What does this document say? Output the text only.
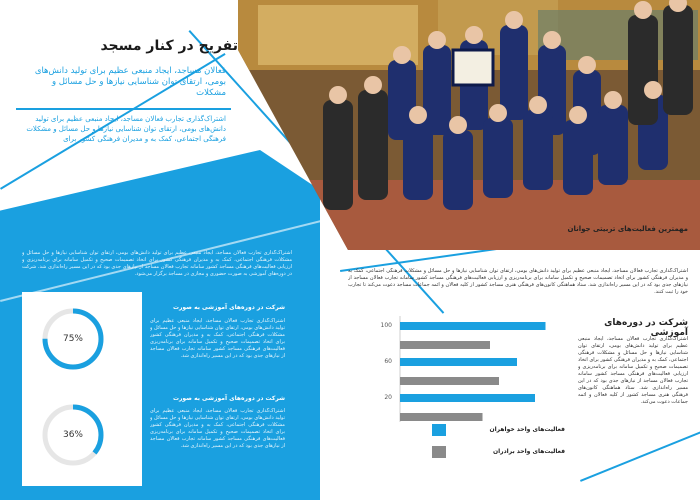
تفریح در کنار مسجد
فعالان مساجد، ایجاد منبعی عظیم برای تولید دانش‌های بومی، ارتقای توان شناسایی نیازها و حل مسائل و مشکلات
اشتراک‌گذاری تجارب فعالان مساجد، ایجاد منبعی عظیم برای تولید دانش‌های بومی، ارتقای توان شناسایی نیازها و حل مسائل و مشکلات فرهنگی اجتماعی، کمک به و مدیران فرهنگی کشور برای
اشتراک‌گذاری تجارب فعالان مساجد، ایجاد منبعی عظیم برای تولید دانش‌های بومی، ارتقای توان شناسایی نیازها و حل مسائل و مشکلات فرهنگی اجتماعی، کمک به و مدیران فرهنگی کشور برای اتخاذ تصمیمات صحیح و تکمیل سامانه برای برنامه‌ریزی و ارزیابی فعالیت‌های فرهنگی مساجد کشور سامانه تجارب فعالان مساجد از نیازهای جدی بود که در این مسیر راه‌اندازی شد. شرکت در دوره‌های آموزشی به صورت حضوری و مجازی در مساجد برگزار می‌شود.
75%
شرکت در دوره‌های آموزشی به صورت
اشتراک‌گذاری تجارب فعالان مساجد، ایجاد منبعی عظیم برای تولید دانش‌های بومی، ارتقای توان شناسایی نیازها و حل مسائل و مشکلات فرهنگی اجتماعی، کمک به و مدیران فرهنگی کشور برای اتخاذ تصمیمات صحیح و تکمیل سامانه برای برنامه‌ریزی فعالیت‌های فرهنگی مساجد کشور سامانه تجارب فعالان مساجد از نیازهای جدی بود که در این مسیر راه‌اندازی شد.
36%
شرکت در دوره‌های آموزشی به صورت
اشتراک‌گذاری تجارب فعالان مساجد، ایجاد منبعی عظیم برای تولید دانش‌های بومی، ارتقای توان شناسایی نیازها و حل مسائل و مشکلات فرهنگی اجتماعی، کمک به و مدیران فرهنگی کشور برای اتخاذ تصمیمات صحیح و تکمیل سامانه برای برنامه‌ریزی فعالیت‌های فرهنگی مساجد کشور سامانه تجارب فعالان مساجد از نیازهای جدی بود که در این مسیر راه‌اندازی شد.
مهمترین فعالیت‌های تربیتی جوانان
اشتراک‌گذاری تجارب فعالان مساجد، ایجاد منبعی عظیم برای تولید دانش‌های بومی، ارتقای توان شناسایی نیازها و حل مسائل و مشکلات فرهنگی اجتماعی، کمک به و مدیران فرهنگی کشور برای اتخاذ تصمیمات صحیح و تکمیل سامانه برای برنامه‌ریزی و ارزیابی فعالیت‌های فرهنگی مساجد کشور سامانه تجارب فعالان مساجد از نیازهای جدی بود که در این مسیر راه‌اندازی شد. ستاد هماهنگی کانون‌های فرهنگی هنری مساجد کشور از کلیه فعالان و ائمه جماعات مساجد دعوت می‌کند تا تجارب خود را ثبت کنند.
شرکت در دوره‌های آموزشی
اشتراک‌گذاری تجارب فعالان مساجد، ایجاد منبعی عظیم برای تولید دانش‌های بومی، ارتقای توان شناسایی نیازها و حل مسائل و مشکلات فرهنگی اجتماعی، کمک به و مدیران فرهنگی کشور برای اتخاذ تصمیمات صحیح و تکمیل سامانه برای برنامه‌ریزی و ارزیابی فعالیت‌های فرهنگی مساجد کشور سامانه تجارب فعالان مساجد از نیازهای جدی بود که در این مسیر راه‌اندازی شد. ستاد هماهنگی کانون‌های فرهنگی هنری مساجد کشور از کلیه فعالان و ائمه جماعات دعوت می‌کند.
100
60
20
فعالیت‌های واحد خواهران
فعالیت‌های واحد برادران
